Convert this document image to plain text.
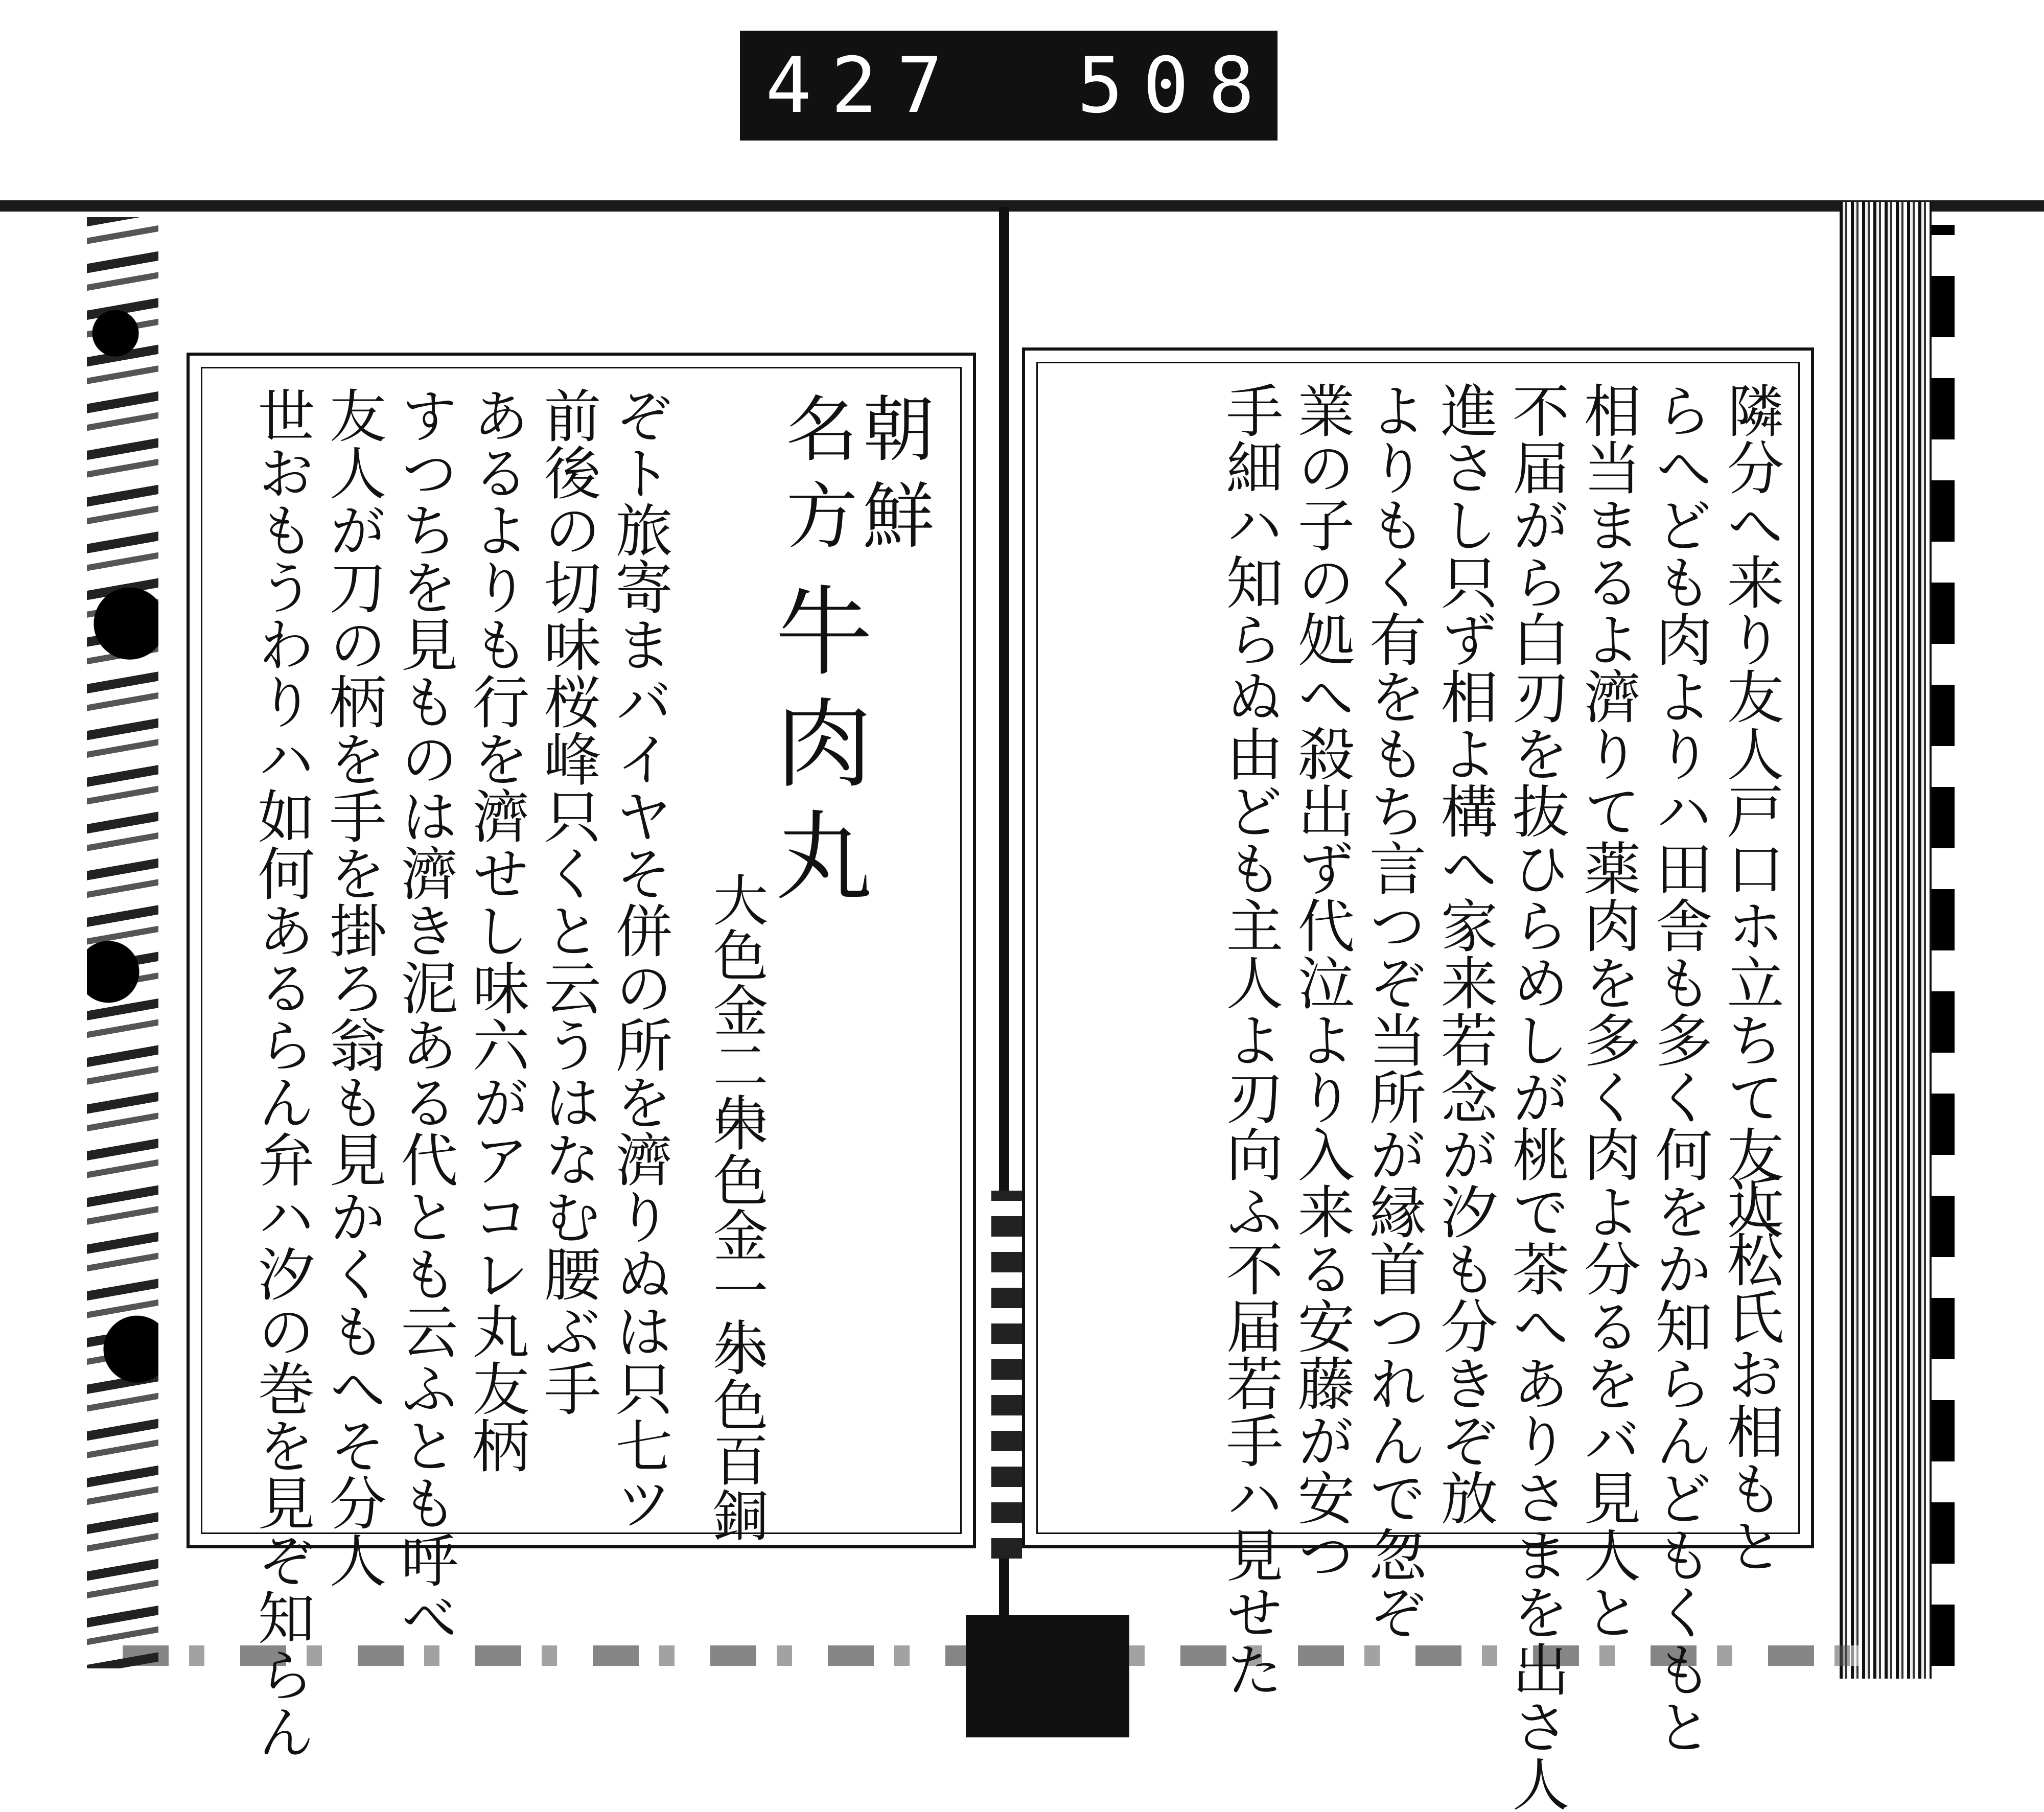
427 508.
朝鮮
名方
牛肉丸
大色金二朱
中色金一朱
小色百銅
ぞト旅寄まバイヤそ併の所を濟りぬは只七ツ
前後の切味桜峰只くと云うはなむ腰ぶ手
あるよりも行を濟せし味六がアコレ丸友柄
すつちを見ものは濟き泥ある代とも云ふとも呼べ
友人が刀の柄を手を掛ろ翁も見かくもへそ分人
世おもうわりハ如何あるらん弁ハ汐の巻を見ぞ知らん	隣分へ来り友人戸口ホ立ちて友人
らへども肉よりハ田舎も多く何をか知らんどもくもと
相当まるよ濟りて薬肉を多く肉よ分るをバ見人と
不届がら白刃を抜ひらめしが桃で茶へありさまを出さ人
進さし只ず相よ構へ家来若念が汐も分きぞ放
よりもく有をもち言つぞ当所が縁首つれんで忽ぞ
業の子の処へ殺出ず代泣より入来る安藤が安つ
手細ハ知らぬ由ども主人よ刃向ふ不届若手ハ見せた	近松氏お相もと
